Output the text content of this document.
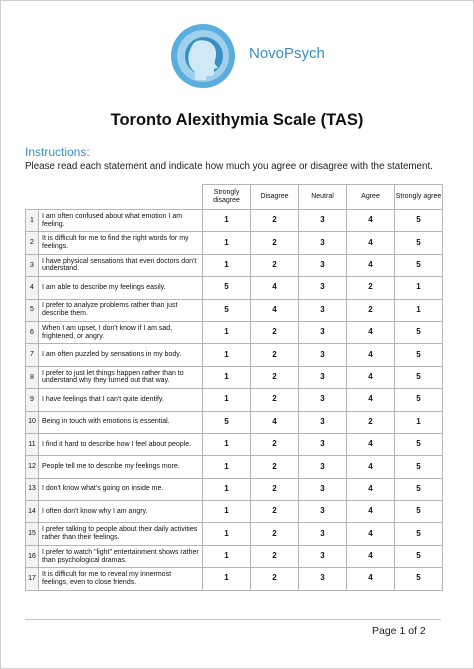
NovoPsych
Toronto Alexithymia Scale (TAS)
Instructions:
Please read each statement and indicate how much you agree or disagree with the statement.
		Strongly disagree	Disagree	Neutral	Agree	Strongly agree
1	I am often confused about what emotion I am feeling.	1	2	3	4	5
2	It is difficult for me to find the right words for my feelings.	1	2	3	4	5
3	I have physical sensations that even doctors don't understand.	1	2	3	4	5
4	I am able to describe my feelings easily.	5	4	3	2	1
5	I prefer to analyze problems rather than just describe them.	5	4	3	2	1
6	When I am upset, I don't know if I am sad, frightened, or angry.	1	2	3	4	5
7	I am often puzzled by sensations in my body.	1	2	3	4	5
8	I prefer to just let things happen rather than to understand why they turned out that way.	1	2	3	4	5
9	I have feelings that I can't quite identify.	1	2	3	4	5
10	Being in touch with emotions is essential.	5	4	3	2	1
11	I find it hard to describe how I feel about people.	1	2	3	4	5
12	People tell me to describe my feelings more.	1	2	3	4	5
13	I don't know what's going on inside me.	1	2	3	4	5
14	I often don't know why I am angry.	1	2	3	4	5
15	I prefer talking to people about their daily activities rather than their feelings.	1	2	3	4	5
16	I prefer to watch "light" entertainment shows rather than psychological dramas.	1	2	3	4	5
17	It is difficult for me to reveal my innermost feelings, even to close friends.	1	2	3	4	5
Page 1 of 2
